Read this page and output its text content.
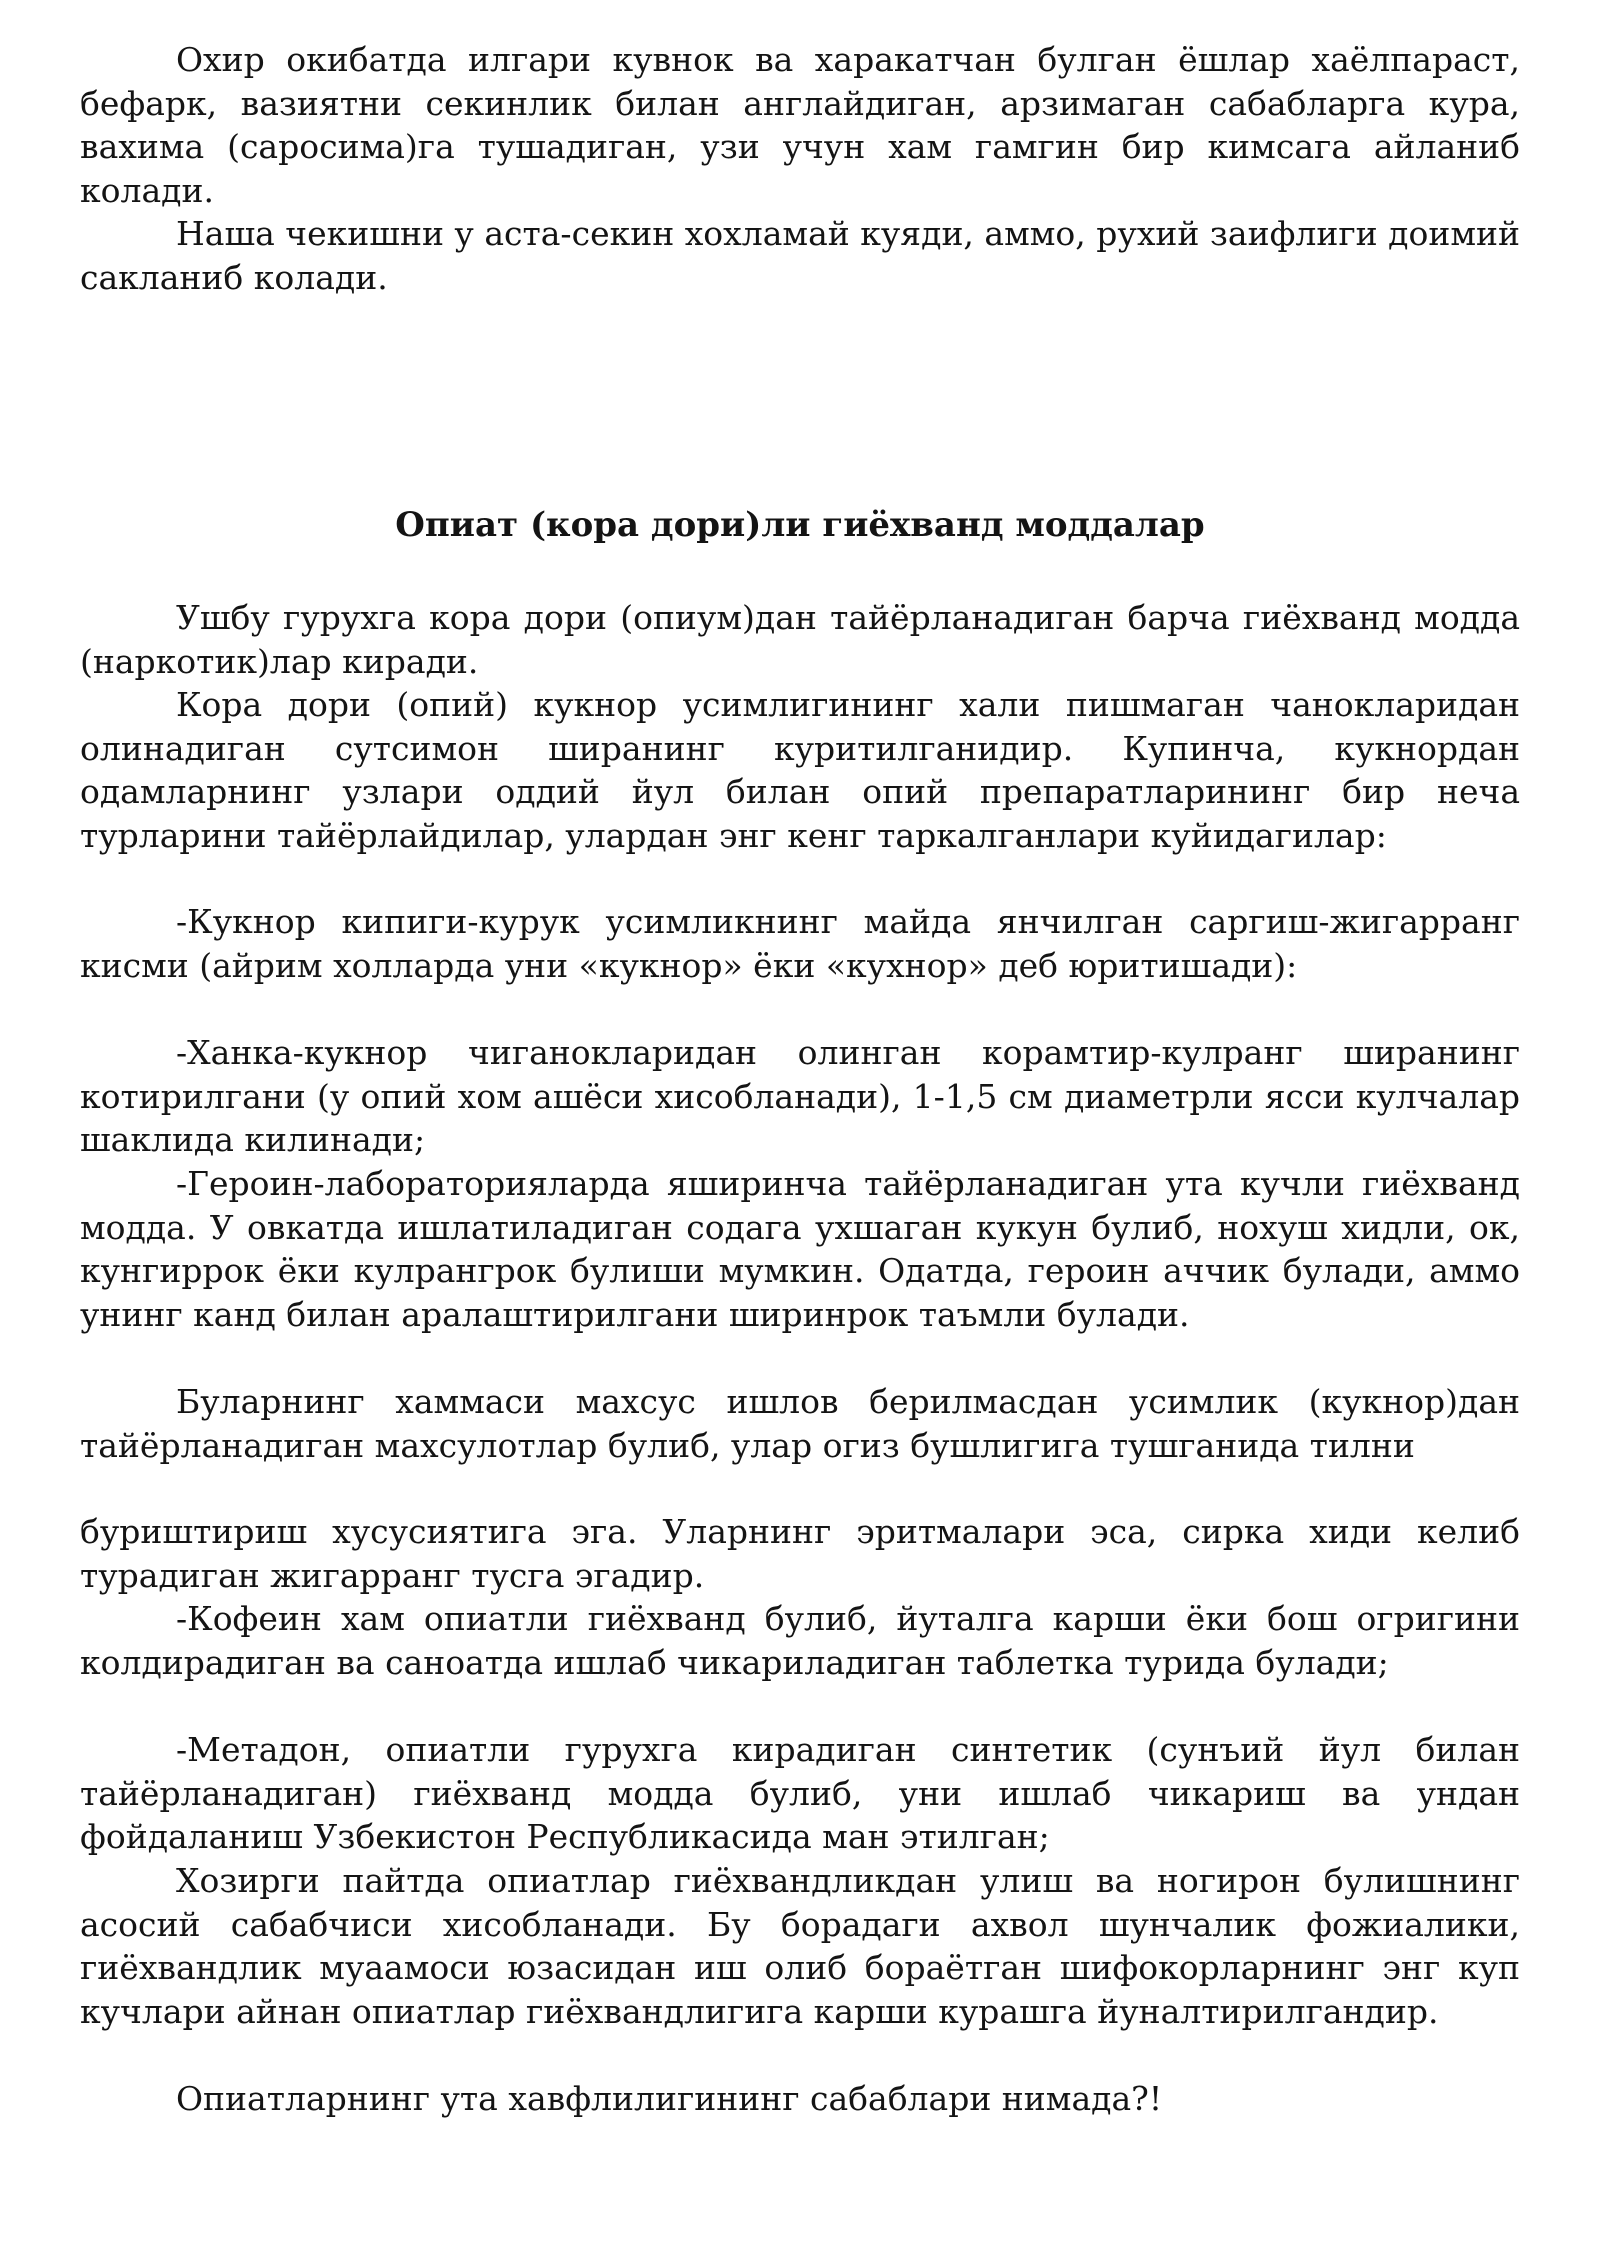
Охир окибатда илгари кувнок ва харакатчан булган ёшлар хаёлпараст, бефарк, вазиятни секинлик билан англайдиган, арзимаган сабабларга кура, вахима (саросима)га тушадиган, узи учун хам гамгин бир кимсага айланиб колади.

Наша чекишни у аста-секин хохламай куяди, аммо, рухий заифлиги доимий сакланиб колади.

Опиат (кора дори)ли гиёхванд моддалар

Ушбу гурухга кора дори (опиум)дан тайёрланадиган барча гиёхванд модда (наркотик)лар киради.

Кора дори (опий) кукнор усимлигининг хали пишмаган чанокларидан олинадиган сутсимон ширанинг куритилганидир. Купинча, кукнордан одамларнинг узлари оддий йул билан опий препаратларининг бир неча турларини тайёрлайдилар, улардан энг кенг таркалганлари куйидагилар:

-Кукнор кипиги-курук усимликнинг майда янчилган саргиш-жигарранг кисми (айрим холларда уни «кукнор» ёки «кухнор» деб юритишади):

-Ханка-кукнор чиганокларидан олинган корамтир-кулранг ширанинг котирилгани (у опий хом ашёси хисобланади), 1-1,5 см диаметрли ясси кулчалар шаклида килинади;

-Героин-лабораторияларда яширинча тайёрланадиган ута кучли гиёхванд модда. У овкатда ишлатиладиган содага ухшаган кукун булиб, нохуш хидли, ок, кунгиррок ёки кулрангрок булиши мумкин. Одатда, героин аччик булади, аммо унинг канд билан аралаштирилгани ширинрок таъмли булади.

Буларнинг хаммаси махсус ишлов берилмасдан усимлик (кукнор)дан тайёрланадиган махсулотлар булиб, улар огиз бушлигига тушганида тилни

буриштириш хусусиятига эга. Уларнинг эритмалари эса, сирка хиди келиб турадиган жигарранг тусга эгадир.

-Кофеин хам опиатли гиёхванд булиб, йуталга карши ёки бош огригини колдирадиган ва саноатда ишлаб чикариладиган таблетка турида булади;

-Метадон, опиатли гурухга кирадиган синтетик (сунъий йул билан тайёрланадиган) гиёхванд модда булиб, уни ишлаб чикариш ва ундан фойдаланиш Узбекистон Республикасида ман этилган;

Хозирги пайтда опиатлар гиёхвандликдан улиш ва ногирон булишнинг асосий сабабчиси хисобланади. Бу борадаги ахвол шунчалик фожиалики, гиёхвандлик муаамоси юзасидан иш олиб бораётган шифокорларнинг энг куп кучлари айнан опиатлар гиёхвандлигига карши курашга йуналтирилгандир.

Опиатларнинг ута хавфлилигининг сабаблари нимада?!
